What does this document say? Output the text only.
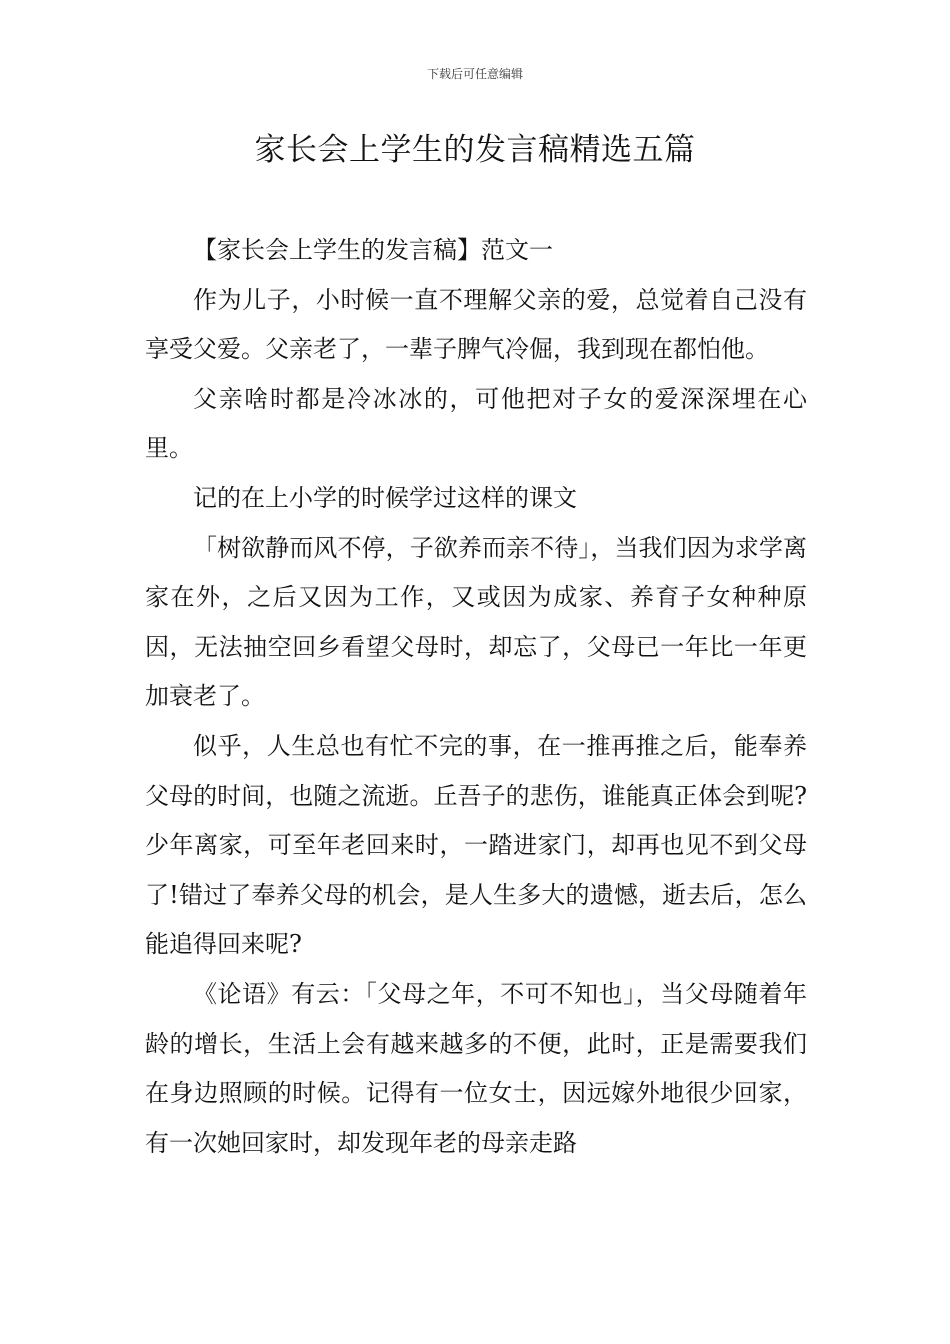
下载后可任意编辑
家长会上学生的发言稿精选五篇

【家长会上学生的发言稿】范文一

作为儿子，小时候一直不理解父亲的爱，总觉着自己没有享受父爱。父亲老了，一辈子脾气冷倔，我到现在都怕他。

父亲啥时都是冷冰冰的，可他把对子女的爱深深埋在心里。

记的在上小学的时候学过这样的课文

「树欲静而风不停，子欲养而亲不待」，当我们因为求学离家在外，之后又因为工作，又或因为成家、养育子女种种原因，无法抽空回乡看望父母时，却忘了，父母已一年比一年更加衰老了。

似乎，人生总也有忙不完的事，在一推再推之后，能奉养父母的时间，也随之流逝。丘吾子的悲伤，谁能真正体会到呢?少年离家，可至年老回来时，一踏进家门，却再也见不到父母了!错过了奉养父母的机会，是人生多大的遗憾，逝去后，怎么能追得回来呢?

《论语》有云：「父母之年，不可不知也」，当父母随着年龄的增长，生活上会有越来越多的不便，此时，正是需要我们在身边照顾的时候。记得有一位女士，因远嫁外地很少回家，有一次她回家时，却发现年老的母亲走路
